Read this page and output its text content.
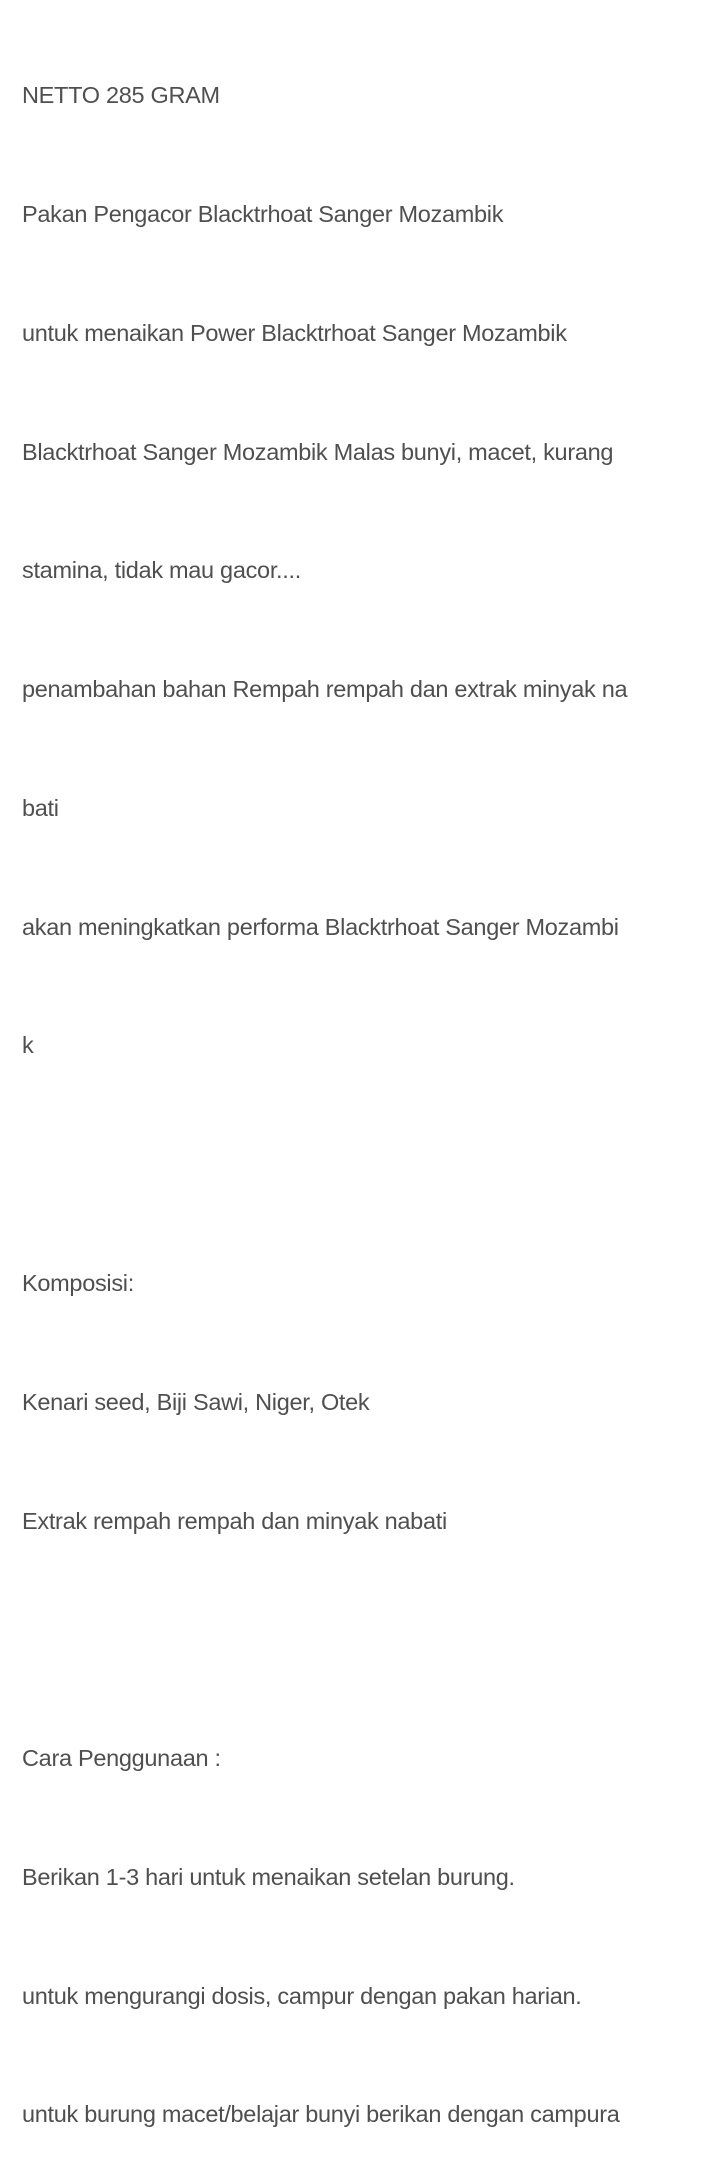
NETTO 285 GRAM

Pakan Pengacor Blacktrhoat Sanger Mozambik

untuk menaikan Power Blacktrhoat Sanger Mozambik

Blacktrhoat Sanger Mozambik Malas bunyi, macet, kurang

stamina, tidak mau gacor....

penambahan bahan Rempah rempah dan extrak minyak na

bati

akan meningkatkan performa Blacktrhoat Sanger Mozambi

k

Komposisi:

Kenari seed, Biji Sawi, Niger, Otek

Extrak rempah rempah dan minyak nabati

Cara Penggunaan :

Berikan 1-3 hari untuk menaikan setelan burung.

untuk mengurangi dosis, campur dengan pakan harian.

untuk burung macet/belajar bunyi berikan dengan campura
